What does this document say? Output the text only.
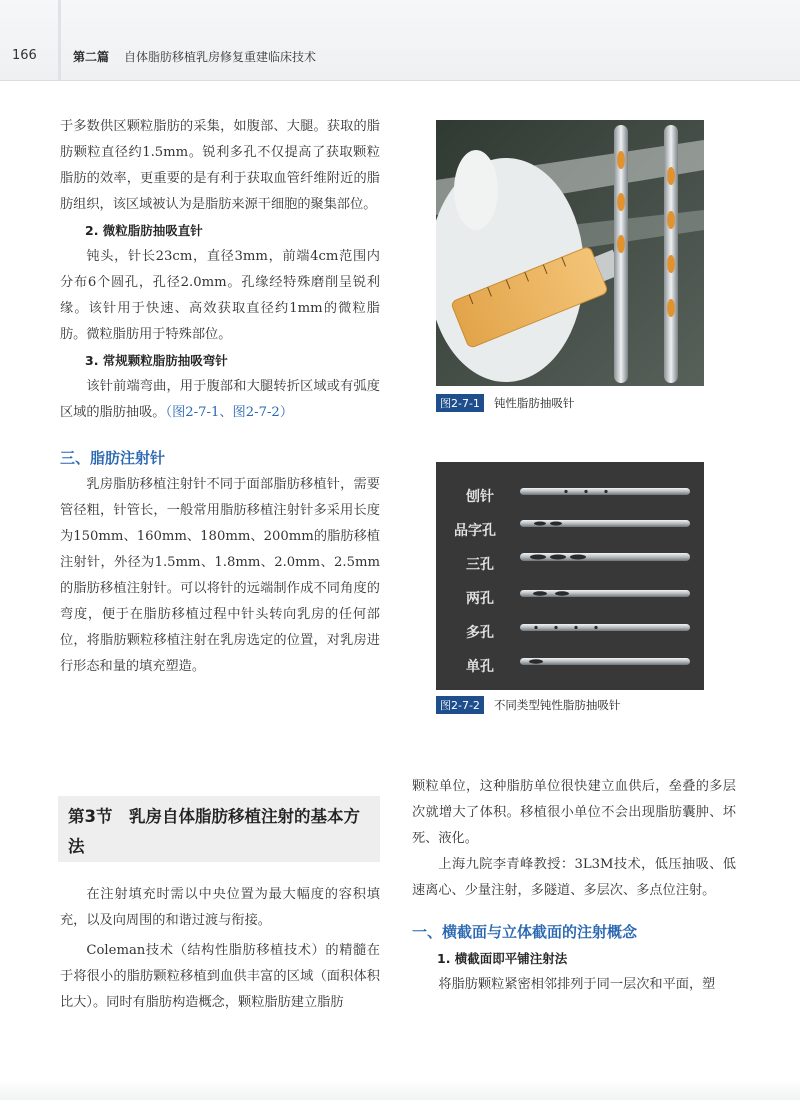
166	第二篇 自体脂肪移植乳房修复重建临床技术

于多数供区颗粒脂肪的采集，如腹部、大腿。获取的脂肪颗粒直径约1.5mm。锐利多孔不仅提高了获取颗粒脂肪的效率，更重要的是有利于获取血管纤维附近的脂肪组织，该区域被认为是脂肪来源干细胞的聚集部位。

2. 微粒脂肪抽吸直针

钝头，针长23cm，直径3mm，前端4cm范围内分布6个圆孔，孔径2.0mm。孔缘经特殊磨削呈锐利缘。该针用于快速、高效获取直径约1mm的微粒脂肪。微粒脂肪用于特殊部位。

3. 常规颗粒脂肪抽吸弯针

该针前端弯曲，用于腹部和大腿转折区域或有弧度区域的脂肪抽吸。（图2-7-1、图2-7-2）

三、脂肪注射针

乳房脂肪移植注射针不同于面部脂肪移植针，需要管径粗，针管长，一般常用脂肪移植注射针多采用长度为150mm、160mm、180mm、200mm的脂肪移植注射针，外径为1.5mm、1.8mm、2.0mm、2.5mm的脂肪移植注射针。可以将针的远端制作成不同角度的弯度，便于在脂肪移植过程中针头转向乳房的任何部位，将脂肪颗粒移植注射在乳房选定的位置，对乳房进行形态和量的填充塑造。

图2-7-1 钝性脂肪抽吸针
刨针
品字孔
三孔
两孔
多孔
单孔
图2-7-2 不同类型钝性脂肪抽吸针
第3节　乳房自体脂肪移植注射的基本方法

在注射填充时需以中央位置为最大幅度的容积填充，以及向周围的和谐过渡与衔接。

Coleman技术（结构性脂肪移植技术）的精髓在于将很小的脂肪颗粒移植到血供丰富的区域（面积体积比大）。同时有脂肪构造概念，颗粒脂肪建立脂肪

颗粒单位，这种脂肪单位很快建立血供后，垒叠的多层次就增大了体积。移植很小单位不会出现脂肪囊肿、坏死、液化。

上海九院李青峰教授：3L3M技术，低压抽吸、低速离心、少量注射，多隧道、多层次、多点位注射。

一、横截面与立体截面的注射概念
1. 横截面即平铺注射法

将脂肪颗粒紧密相邻排列于同一层次和平面，塑
